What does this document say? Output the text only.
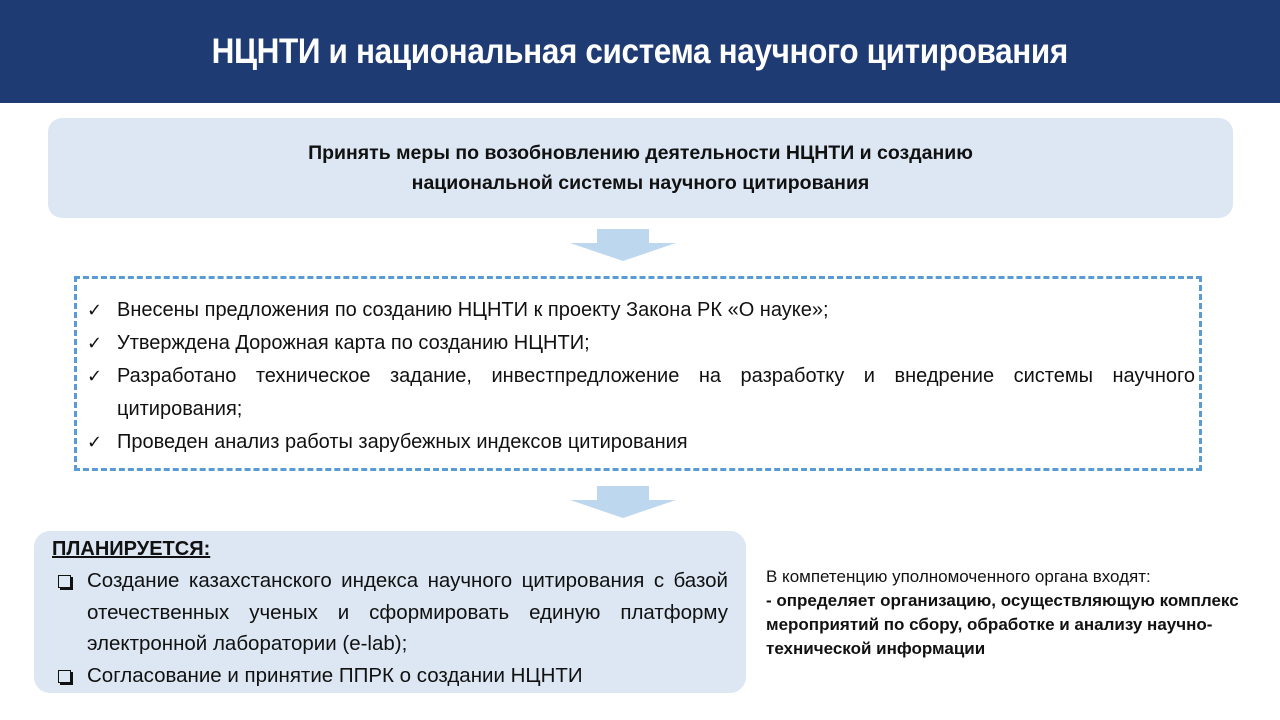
НЦНТИ и национальная система научного цитирования
Принять меры по возобновлению деятельности НЦНТИ и созданию
национальной системы научного цитирования
✓ Внесены предложения по созданию НЦНТИ к проекту Закона РК «О науке»;
✓ Утверждена Дорожная карта по созданию НЦНТИ;
✓ Разработано техническое задание, инвестпредложение на разработку и внедрение системы научного цитирования;
✓ Проведен анализ работы зарубежных индексов цитирования
ПЛАНИРУЕТСЯ:
Создание казахстанского индекса научного цитирования с базой отечественных ученых и сформировать единую платформу электронной лаборатории (e-lab);
Согласование и принятие ППРК о создании НЦНТИ
В компетенцию уполномоченного органа входят:
- определяет организацию, осуществляющую комплекс мероприятий по сбору, обработке и анализу научно-технической информации
